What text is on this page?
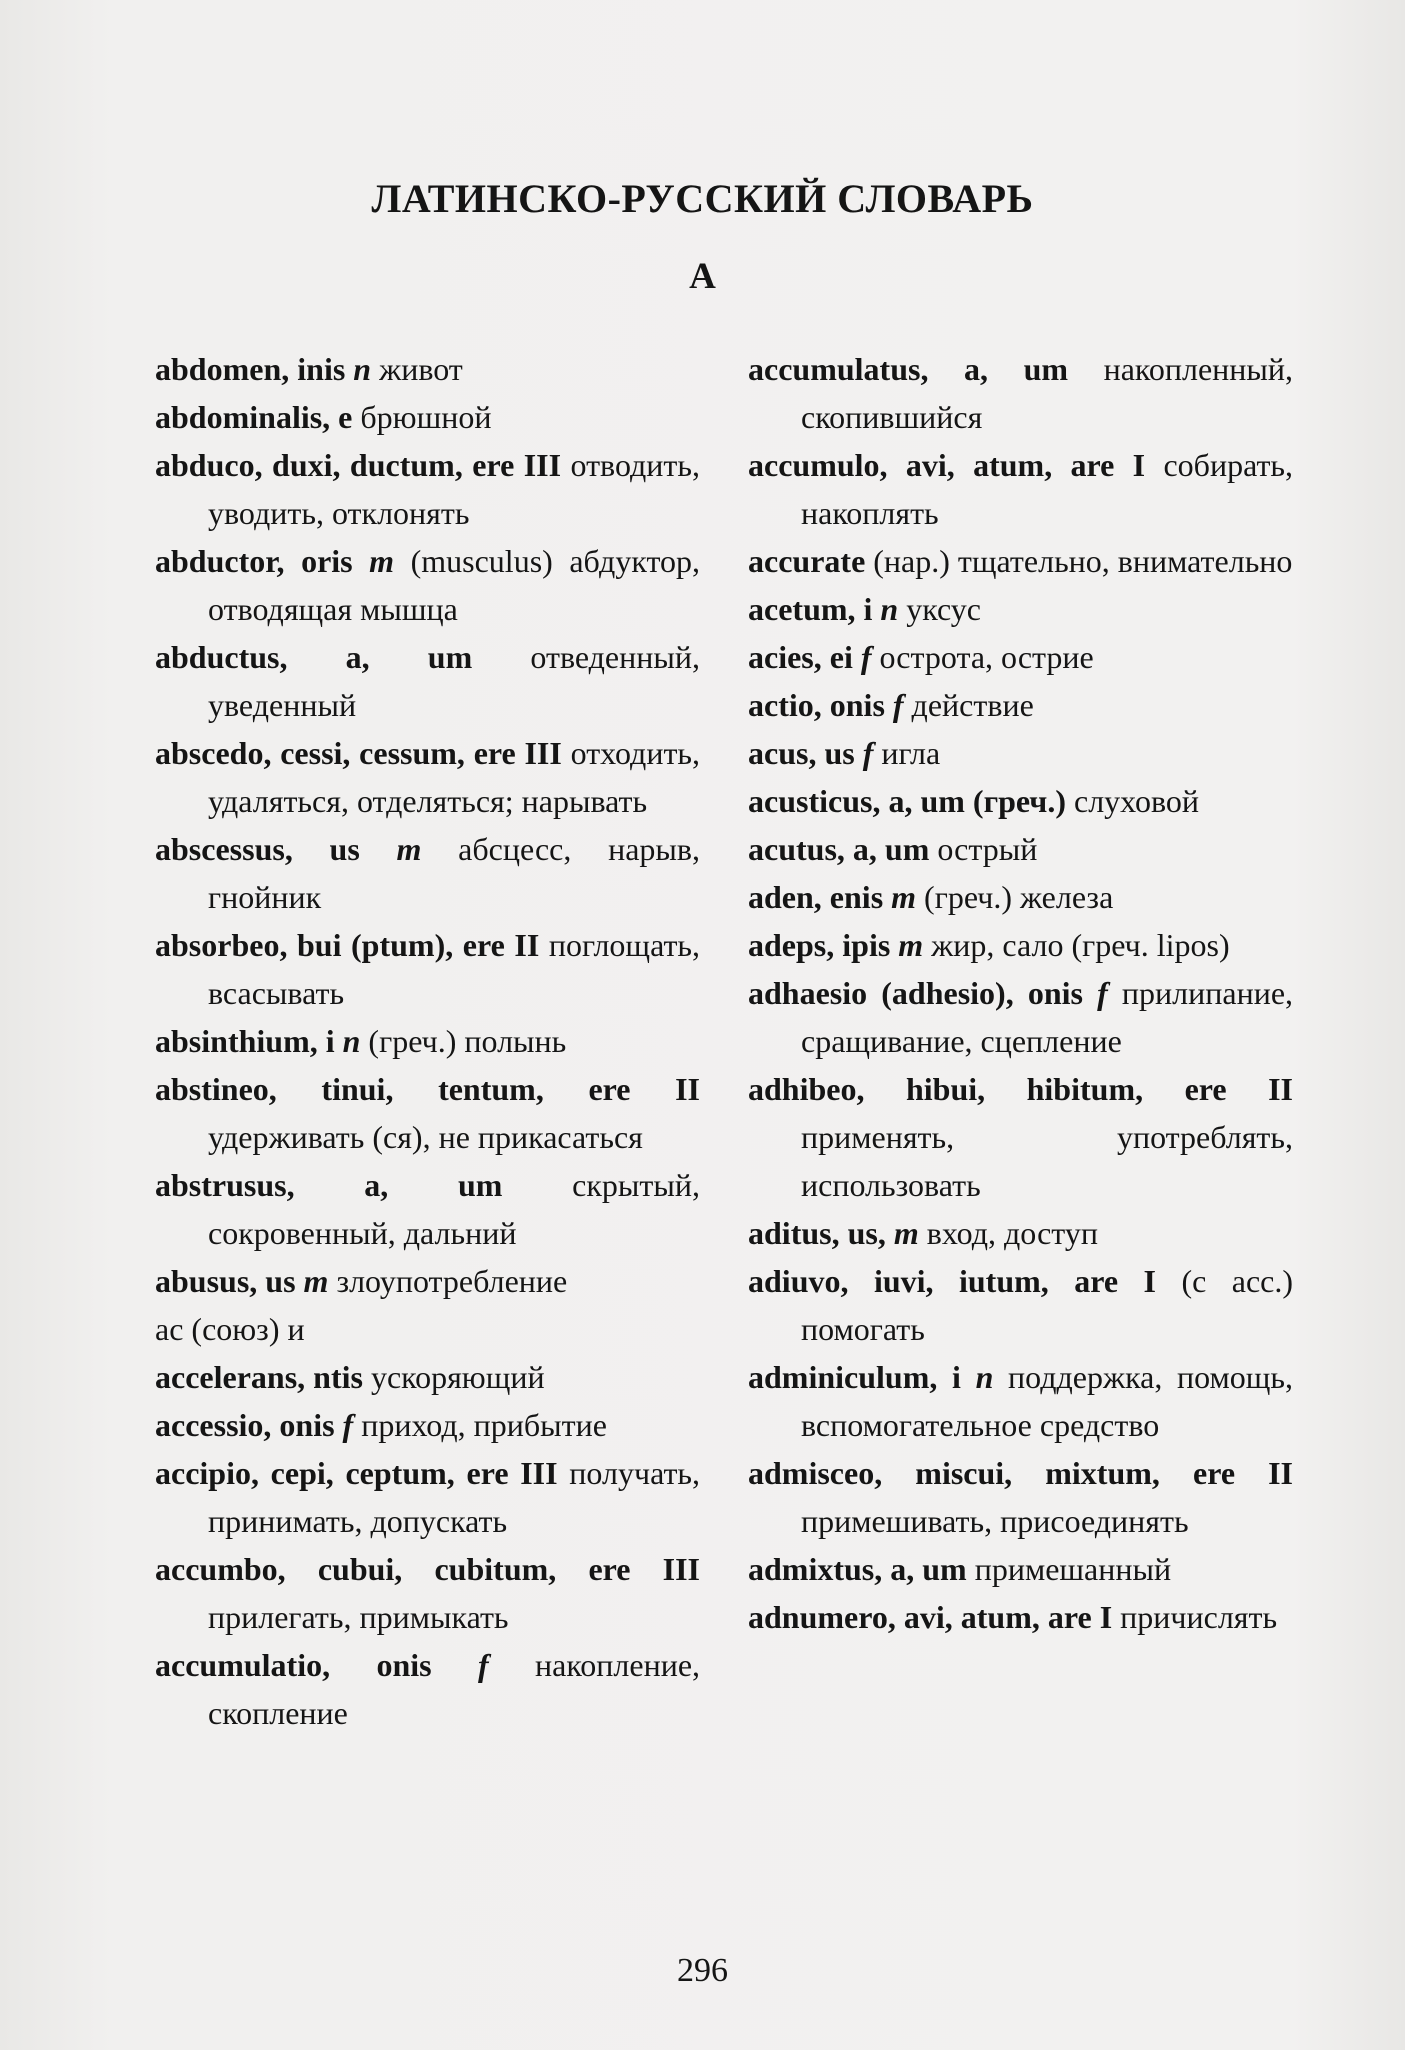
ЛАТИНСКО-РУССКИЙ СЛОВАРЬ
А

abdomen, inis n живот

abdominalis, e брюшной

abduco, duxi, ductum, ere III отводить, уводить, отклонять

abductor, oris m (musculus) абдуктор, отводящая мышца

abductus, a, um отведенный, уведенный

abscedo, cessi, cessum, ere III отходить, удаляться, отделяться; нарывать

abscessus, us m абсцесс, нарыв, гнойник

absorbeo, bui (ptum), ere II поглощать, всасывать

absinthium, i n (греч.) полынь

abstineo, tinui, tentum, ere II удерживать (ся), не прикасаться

abstrusus, a, um скрытый, сокровенный, дальний

abusus, us m злоупотребление

ac (союз) и

accelerans, ntis ускоряющий

accessio, onis f приход, прибытие

accipio, cepi, ceptum, ere III получать, принимать, допускать

accumbo, cubui, cubitum, ere III прилегать, примыкать

accumulatio, onis f накопление, скопление

accumulatus, a, um накопленный, скопившийся

accumulo, avi, atum, are I собирать, накоплять

accurate (нар.) тщательно, внимательно

acetum, i n уксус

acies, ei f острота, острие

actio, onis f действие

acus, us f игла

acusticus, a, um (греч.) слуховой

acutus, a, um острый

aden, enis m (греч.) железа

adeps, ipis m жир, сало (греч. lipos)

adhaesio (adhesio), onis f прилипание, сращивание, сцепление

adhibeo, hibui, hibitum, ere II применять, употреблять, использовать

aditus, us, m вход, доступ

adiuvo, iuvi, iutum, are I (c acc.) помогать

adminiculum, i n поддержка, помощь, вспомогательное средство

admisceo, miscui, mixtum, ere II примешивать, присоединять

admixtus, a, um примешанный

adnumero, avi, atum, are I причислять

296
